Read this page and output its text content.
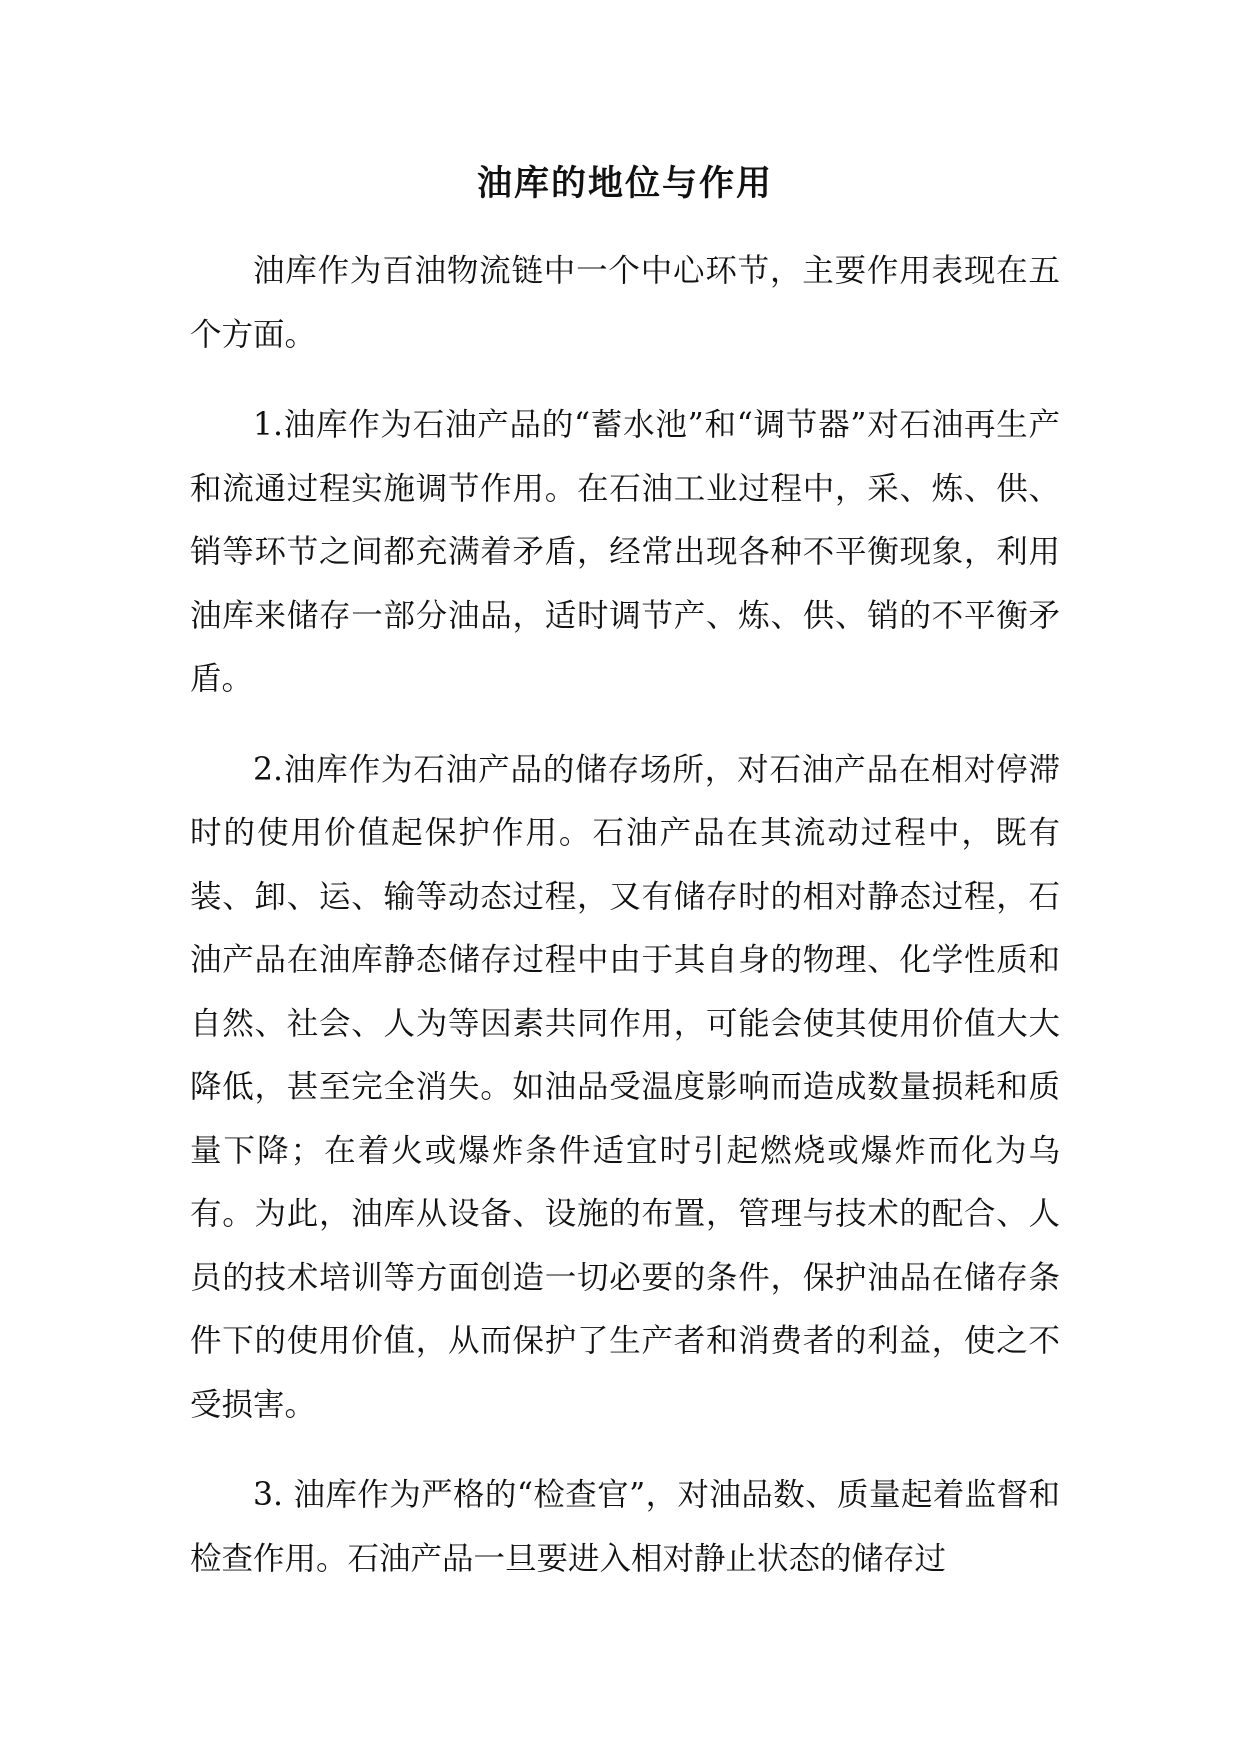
油库的地位与作用

油库作为百油物流链中一个中心环节，主要作用表现在五个方面。

1.油库作为石油产品的“蓄水池”和“调节器”对石油再生产和流通过程实施调节作用。在石油工业过程中，采、炼、供、销等环节之间都充满着矛盾，经常出现各种不平衡现象，利用油库来储存一部分油品，适时调节产、炼、供、销的不平衡矛盾。

2.油库作为石油产品的储存场所，对石油产品在相对停滞时的使用价值起保护作用。石油产品在其流动过程中，既有装、卸、运、输等动态过程，又有储存时的相对静态过程，石油产品在油库静态储存过程中由于其自身的物理、化学性质和自然、社会、人为等因素共同作用，可能会使其使用价值大大降低，甚至完全消失。如油品受温度影响而造成数量损耗和质量下降；在着火或爆炸条件适宜时引起燃烧或爆炸而化为乌有。为此，油库从设备、设施的布置，管理与技术的配合、人员的技术培训等方面创造一切必要的条件，保护油品在储存条件下的使用价值，从而保护了生产者和消费者的利益，使之不受损害。

3. 油库作为严格的“检查官”，对油品数、质量起着监督和检查作用。石油产品一旦要进入相对静止状态的储存过
